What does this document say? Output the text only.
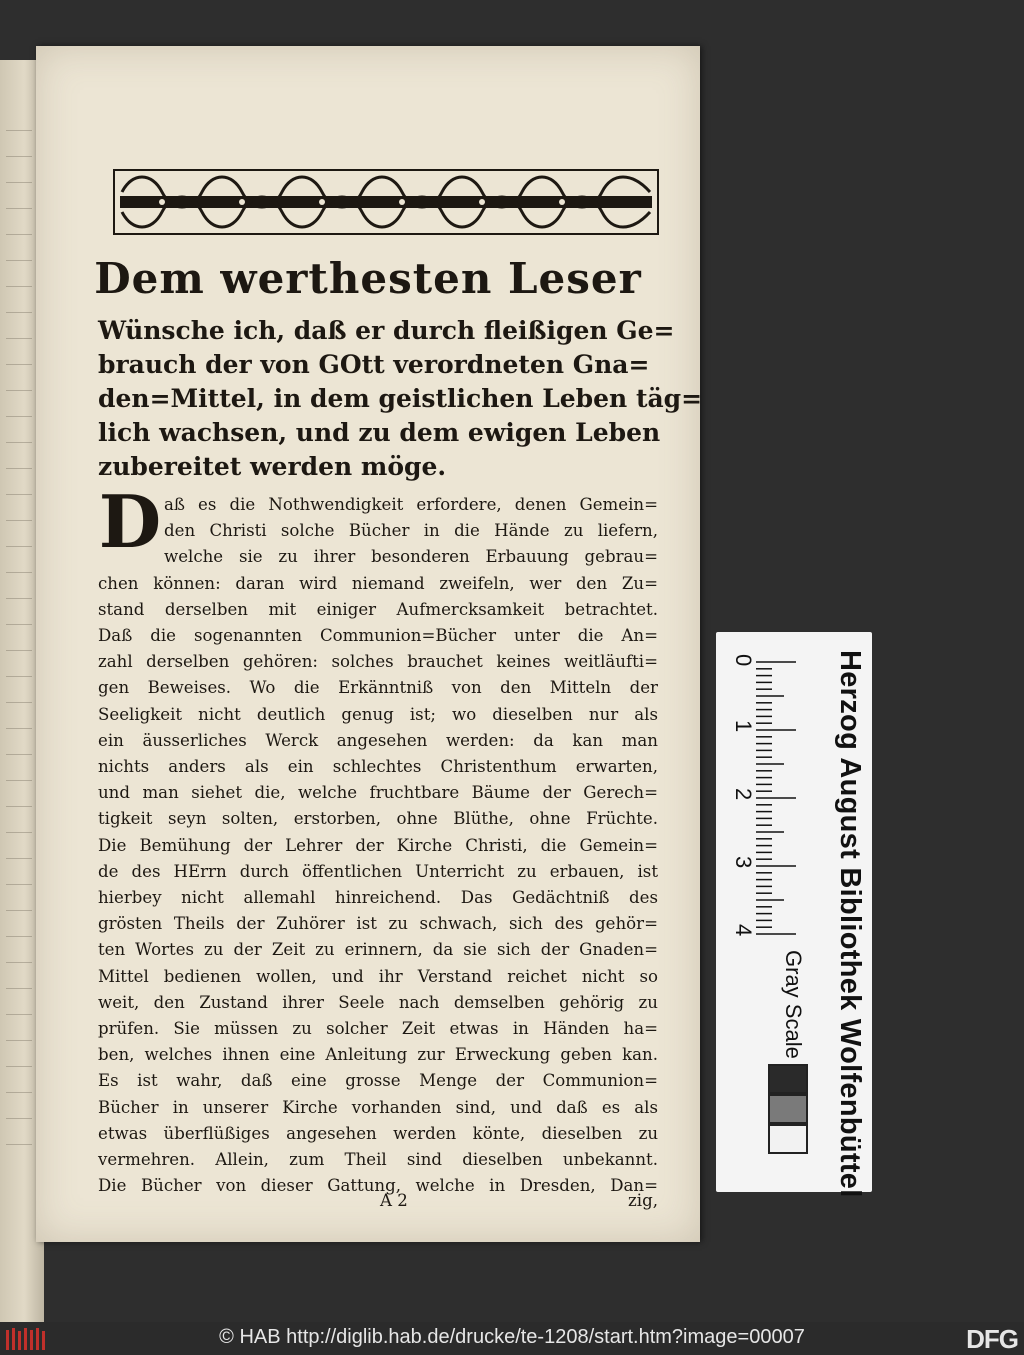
Dem werthesten Leser
Wünsche ich, daß er durch fleißigen Ge=
brauch der von GOtt verordneten Gna=
den=Mittel, in dem geistlichen Leben täg=
lich wachsen, und zu dem ewigen Leben
zubereitet werden möge.
D aß es die Nothwendigkeit erfordere, denen Gemein=
den Christi solche Bücher in die Hände zu liefern,
welche sie zu ihrer besonderen Erbauung gebrau=
chen können: daran wird niemand zweifeln, wer den Zu=
stand derselben mit einiger Aufmercksamkeit betrachtet.
Daß die sogenannten Communion=Bücher unter die An=
zahl derselben gehören: solches brauchet keines weitläufti=
gen Beweises. Wo die Erkänntniß von den Mitteln der
Seeligkeit nicht deutlich genug ist; wo dieselben nur als
ein äusserliches Werck angesehen werden: da kan man
nichts anders als ein schlechtes Christenthum erwarten,
und man siehet die, welche fruchtbare Bäume der Gerech=
tigkeit seyn solten, erstorben, ohne Blüthe, ohne Früchte.
Die Bemühung der Lehrer der Kirche Christi, die Gemein=
de des HErrn durch öffentlichen Unterricht zu erbauen, ist
hierbey nicht allemahl hinreichend. Das Gedächtniß des
grösten Theils der Zuhörer ist zu schwach, sich des gehör=
ten Wortes zu der Zeit zu erinnern, da sie sich der Gnaden=
Mittel bedienen wollen, und ihr Verstand reichet nicht so
weit, den Zustand ihrer Seele nach demselben gehörig zu
prüfen. Sie müssen zu solcher Zeit etwas in Händen ha=
ben, welches ihnen eine Anleitung zur Erweckung geben kan.
Es ist wahr, daß eine grosse Menge der Communion=
Bücher in unserer Kirche vorhanden sind, und daß es als
etwas überflüßiges angesehen werden könte, dieselben zu
vermehren. Allein, zum Theil sind dieselben unbekannt.
Die Bücher von dieser Gattung, welche in Dresden, Dan=
A 2	zig,
0
1
2
3
4
Gray Scale Herzog August Bibliothek Wolfenbüttel
© HAB http://diglib.hab.de/drucke/te-1208/start.htm?image=00007	DFG
